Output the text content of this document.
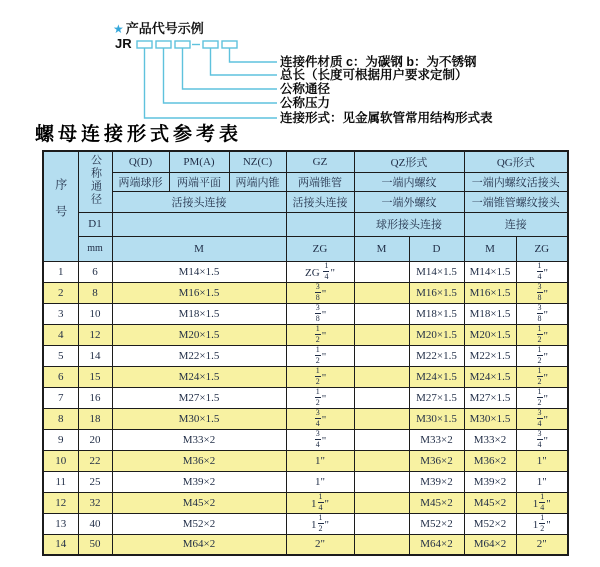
★ 产品代号示例
JR
连接件材质 c：为碳钢 b：为不锈钢
总长（长度可根据用户要求定制）
公称通径
公称压力
连接形式：见金属软管常用结构形式表
螺母连接形式参考表
序号	公称通径	Q(D)	PM(A)	NZ(C)	GZ	QZ形式		QG形式	
		两端球形	两端平面	两端内锥	两端锥管	一端内螺纹		一端内螺纹活接头	
		活接头连接			活接头连接	一端外螺纹		一端锥管螺纹接头	
	D1					球形接头连接		连接	
	mm	M			ZG	M	D	M	ZG
1	6	M14×1.5			ZG $\frac{1}{4}$ "		M14×1.5	M14×1.5	$\frac{1}{4}$ "
2	8	M16×1.5			$\frac{3}{8}$ "		M16×1.5	M16×1.5	$\frac{3}{8}$ "
3	10	M18×1.5			$\frac{3}{8}$ "		M18×1.5	M18×1.5	$\frac{3}{8}$ "
4	12	M20×1.5			$\frac{1}{2}$ "		M20×1.5	M20×1.5	$\frac{1}{2}$ "
5	14	M22×1.5			$\frac{1}{2}$ "		M22×1.5	M22×1.5	$\frac{1}{2}$ "
6	15	M24×1.5			$\frac{1}{2}$ "		M24×1.5	M24×1.5	$\frac{1}{2}$ "
7	16	M27×1.5			$\frac{1}{2}$ "		M27×1.5	M27×1.5	$\frac{1}{2}$ "
8	18	M30×1.5			$\frac{3}{4}$ "		M30×1.5	M30×1.5	$\frac{3}{4}$ "
9	20	M33×2			$\frac{3}{4}$ "		M33×2	M33×2	$\frac{3}{4}$ "
10	22	M36×2			1"		M36×2	M36×2	1"
11	25	M39×2			1"		M39×2	M39×2	1"
12	32	M45×2			$1 \frac{1}{4}$ "		M45×2	M45×2	$1 \frac{1}{4}$ "
13	40	M52×2			$1 \frac{1}{2}$ "		M52×2	M52×2	$1 \frac{1}{2}$ "
14	50	M64×2			2"		M64×2	M64×2	2"
